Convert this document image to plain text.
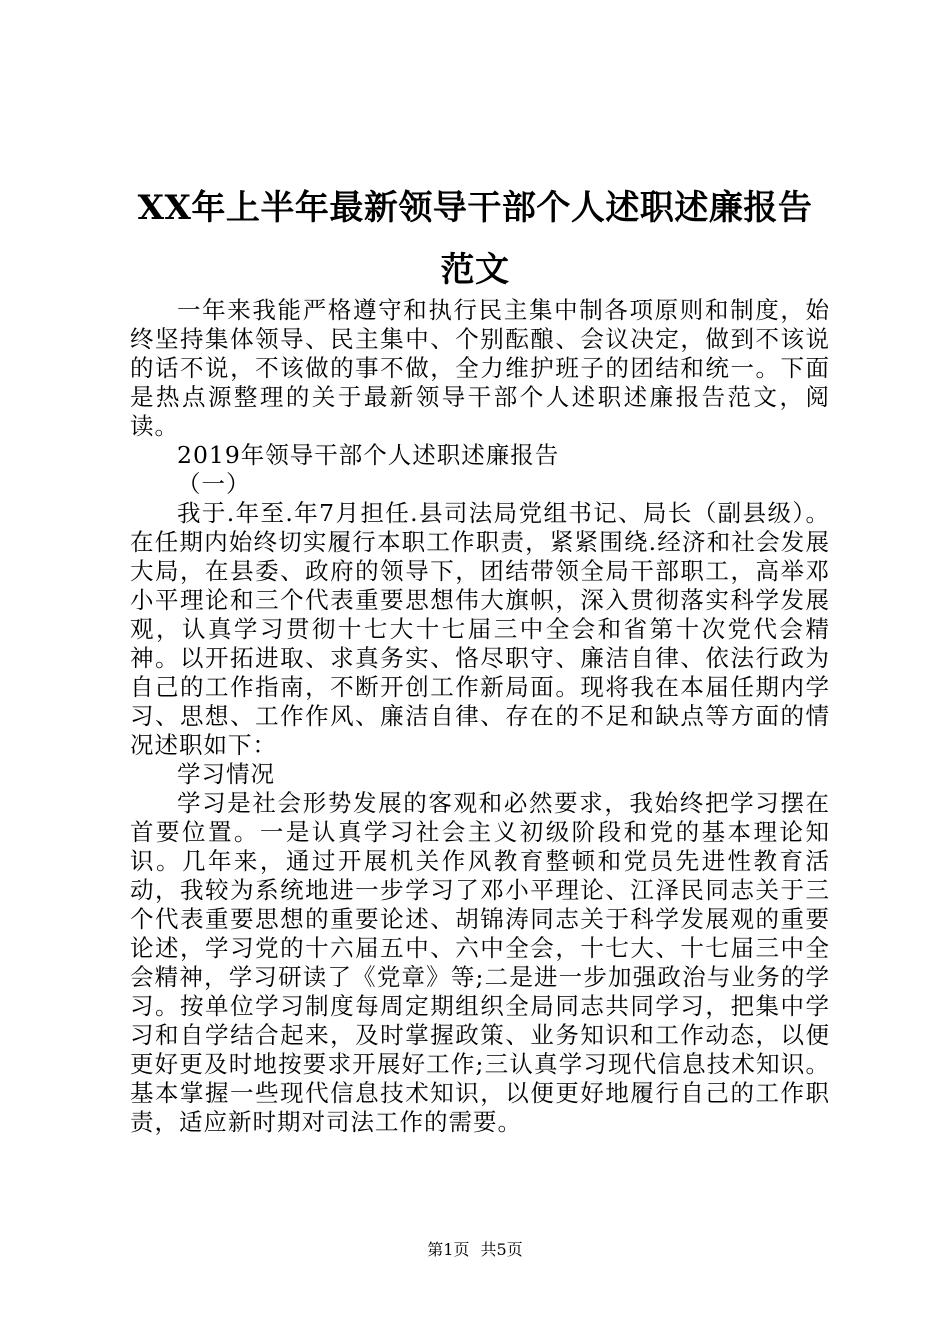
XX年上半年最新领导干部个人述职述廉报告
范文

一年来我能严格遵守和执行民主集中制各项原则和制度，始终坚持集体领导、民主集中、个别酝酿、会议决定，做到不该说的话不说，不该做的事不做，全力维护班子的团结和统一。下面是热点源整理的关于最新领导干部个人述职述廉报告范文，阅读。

2019年领导干部个人述职述廉报告

（一）

我于.年至.年7月担任.县司法局党组书记、局长（副县级）。在任期内始终切实履行本职工作职责，紧紧围绕.经济和社会发展大局，在县委、政府的领导下，团结带领全局干部职工，高举邓小平理论和三个代表重要思想伟大旗帜，深入贯彻落实科学发展观，认真学习贯彻十七大十七届三中全会和省第十次党代会精神。以开拓进取、求真务实、恪尽职守、廉洁自律、依法行政为自己的工作指南，不断开创工作新局面。现将我在本届任期内学习、思想、工作作风、廉洁自律、存在的不足和缺点等方面的情况述职如下：

学习情况

学习是社会形势发展的客观和必然要求，我始终把学习摆在首要位置。一是认真学习社会主义初级阶段和党的基本理论知识。几年来，通过开展机关作风教育整顿和党员先进性教育活动，我较为系统地进一步学习了邓小平理论、江泽民同志关于三个代表重要思想的重要论述、胡锦涛同志关于科学发展观的重要论述，学习党的十六届五中、六中全会，十七大、十七届三中全会精神，学习研读了《党章》等;二是进一步加强政治与业务的学习。按单位学习制度每周定期组织全局同志共同学习，把集中学习和自学结合起来，及时掌握政策、业务知识和工作动态，以便更好更及时地按要求开展好工作;三认真学习现代信息技术知识。基本掌握一些现代信息技术知识，以便更好地履行自己的工作职责，适应新时期对司法工作的需要。

第1页 共5页
